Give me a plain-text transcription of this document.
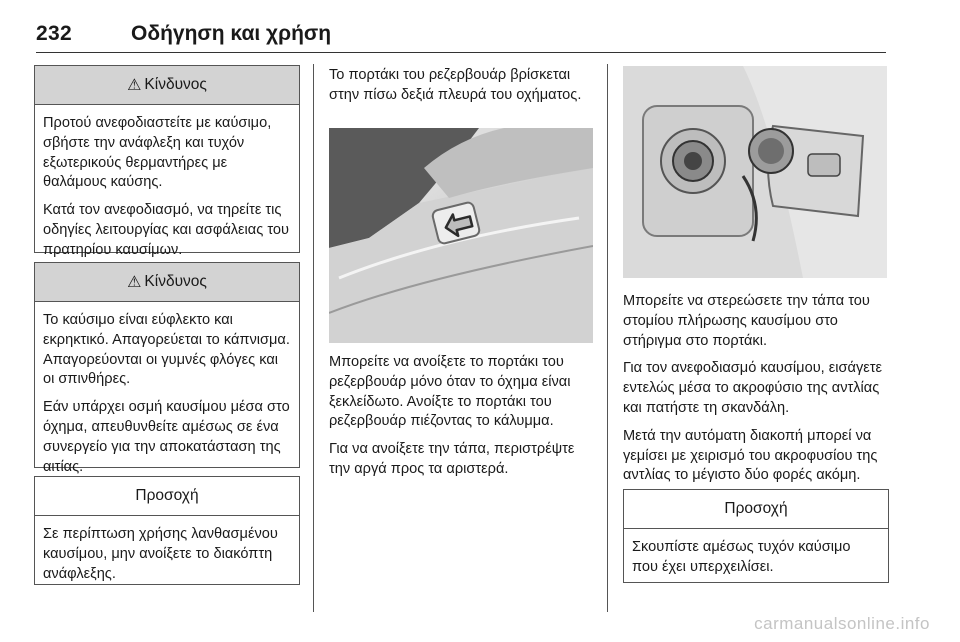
232	Οδήγηση και χρήση
⚠ Κίνδυνος

Προτού ανεφοδιαστείτε με καύσιμο, σβήστε την ανάφλεξη και τυχόν εξωτερικούς θερμαντήρες με θαλάμους καύσης.

Κατά τον ανεφοδιασμό, να τηρείτε τις οδηγίες λειτουργίας και ασφάλειας του πρατηρίου καυσίμων.

⚠ Κίνδυνος

Το καύσιμο είναι εύφλεκτο και εκρηκτικό. Απαγορεύεται το κάπνισμα. Απαγορεύονται οι γυμνές φλόγες και οι σπινθήρες.

Εάν υπάρχει οσμή καυσίμου μέσα στο όχημα, απευθυνθείτε αμέσως σε ένα συνεργείο για την αποκατάσταση της αιτίας.

Προσοχή

Σε περίπτωση χρήσης λανθασμένου καυσίμου, μην ανοίξετε το διακόπτη ανάφλεξης.

Το πορτάκι του ρεζερβουάρ βρίσκεται στην πίσω δεξιά πλευρά του οχήματος.

Μπορείτε να ανοίξετε το πορτάκι του ρεζερβουάρ μόνο όταν το όχημα είναι ξεκλείδωτο. Ανοίξτε το πορτάκι του ρεζερβουάρ πιέζοντας το κάλυμμα.

Για να ανοίξετε την τάπα, περιστρέψτε την αργά προς τα αριστερά.

Μπορείτε να στερεώσετε την τάπα του στομίου πλήρωσης καυσίμου στο στήριγμα στο πορτάκι.

Για τον ανεφοδιασμό καυσίμου, εισάγετε εντελώς μέσα το ακροφύσιο της αντλίας και πατήστε τη σκανδάλη.

Μετά την αυτόματη διακοπή μπορεί να γεμίσει με χειρισμό του ακροφυσίου της αντλίας το μέγιστο δύο φορές ακόμη.

Προσοχή

Σκουπίστε αμέσως τυχόν καύσιμο που έχει υπερχειλίσει.

carmanualsonline.info
